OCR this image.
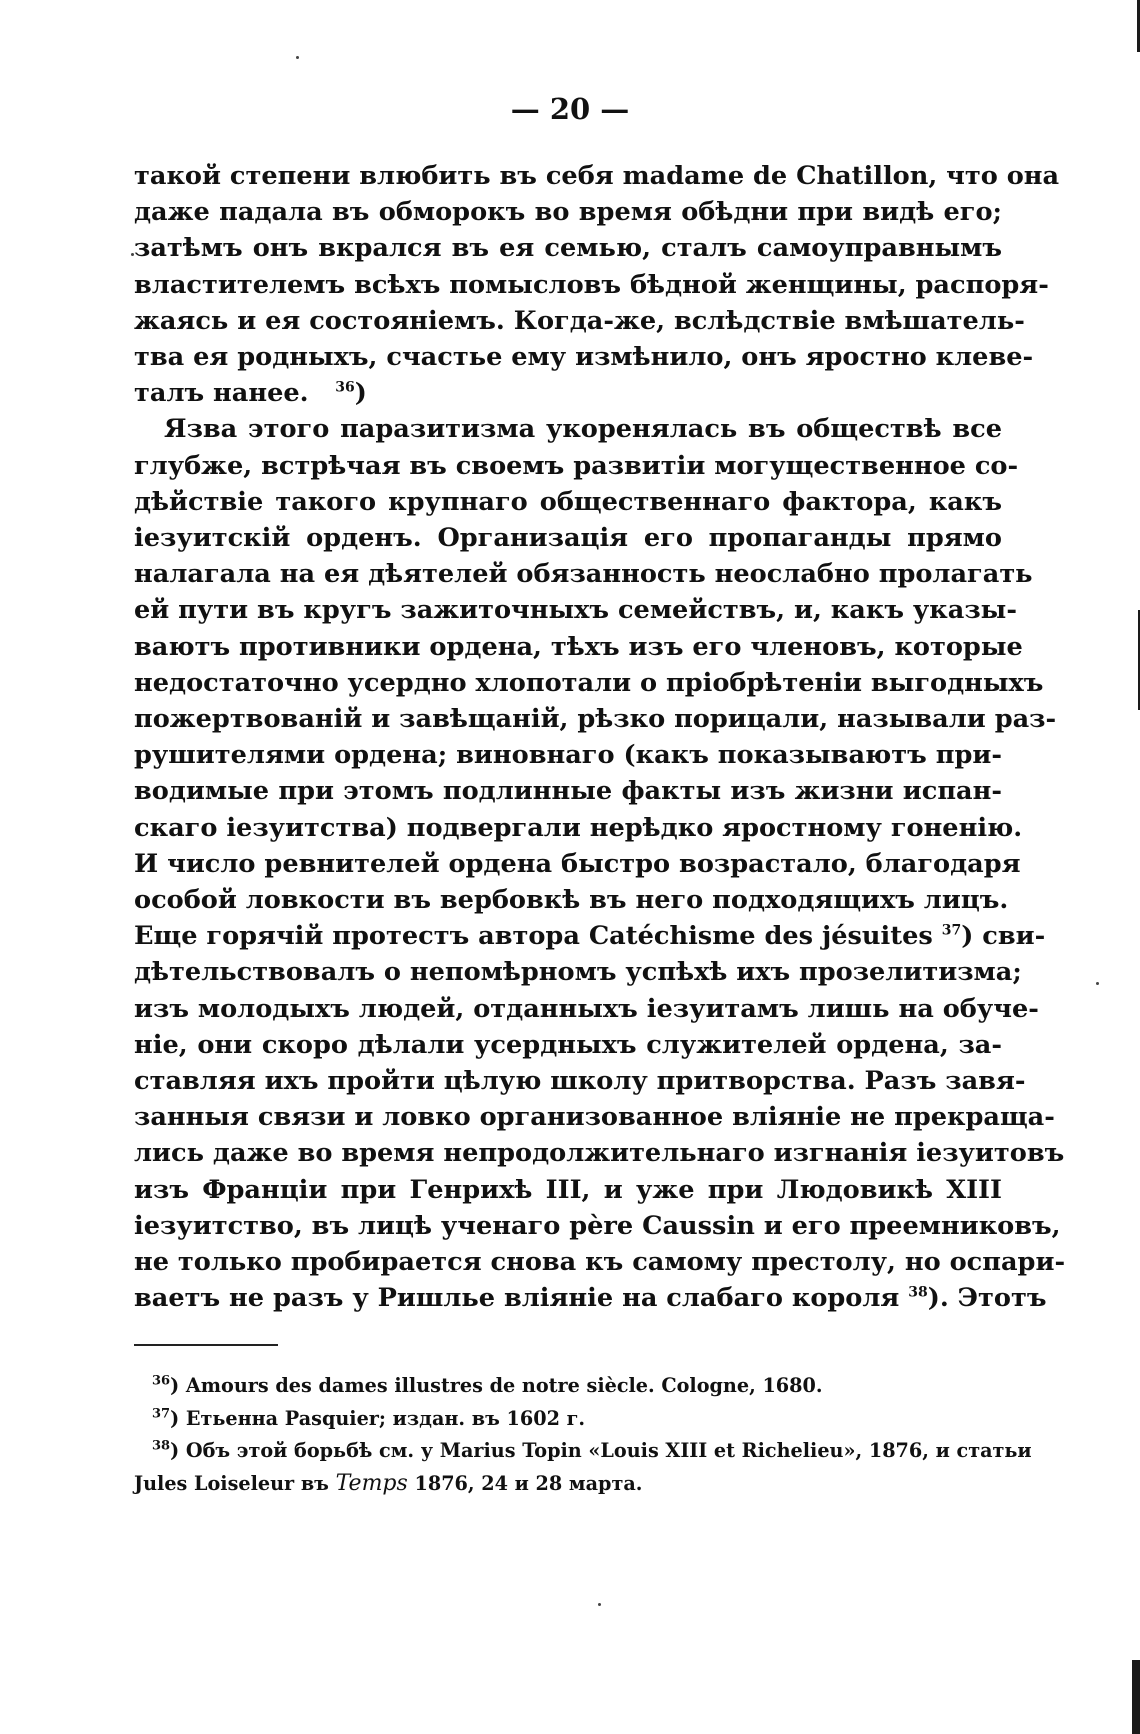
— 20 —
такой степени влюбить въ себя madame de Chatillon, что она
даже падала въ обморокъ во время обѣдни при видѣ его;
затѣмъ онъ вкрался въ ея семью, сталъ самоуправнымъ
властителемъ всѣхъ помысловъ бѣдной женщины, распоря-
жаясь и ея состояніемъ. Когда-же, вслѣдствіе вмѣшатель-
тва ея родныхъ, счастье ему измѣнило, онъ яростно клеве-
талъ нанее. $^{36}$)
Язва этого паразитизма укоренялась въ обществѣ все
глубже, встрѣчая въ своемъ развитіи могущественное со-
дѣйствіе такого крупнаго общественнаго фактора, какъ
іезуитскій орденъ. Организація его пропаганды прямо
налагала на ея дѣятелей обязанность неослабно пролагать
ей пути въ кругъ зажиточныхъ семействъ, и, какъ указы-
ваютъ противники ордена, тѣхъ изъ его членовъ, которые
недостаточно усердно хлопотали о пріобрѣтеніи выгодныхъ
пожертвованій и завѣщаній, рѣзко порицали, называли раз-
рушителями ордена; виновнаго (какъ показываютъ при-
водимые при этомъ подлинные факты изъ жизни испан-
скаго іезуитства) подвергали нерѣдко яростному гоненію.
И число ревнителей ордена быстро возрастало, благодаря
особой ловкости въ вербовкѣ въ него подходящихъ лицъ.
Еще горячій протестъ автора Catéchisme des jésuites $^{37}$) сви-
дѣтельствовалъ о непомѣрномъ успѣхѣ ихъ прозелитизма;
изъ молодыхъ людей, отданныхъ іезуитамъ лишь на обуче-
ніе, они скоро дѣлали усердныхъ служителей ордена, за-
ставляя ихъ пройти цѣлую школу притворства. Разъ завя-
занныя связи и ловко организованное вліяніе не прекраща-
лись даже во время непродолжительнаго изгнанія іезуитовъ
изъ Франціи при Генрихѣ III, и уже при Людовикѣ XIII
іезуитство, въ лицѣ ученаго père Caussin и его преемниковъ,
не только пробирается снова къ самому престолу, но оспари-
ваетъ не разъ у Ришлье вліяніе на слабаго короля $^{38}$). Этотъ
$^{36}$) Amours des dames illustres de notre siècle. Cologne, 1680.
$^{37}$) Етьенна Pasquier; издан. въ 1602 г.
$^{38}$) Объ этой борьбѣ см. у Marius Topin «Louis XIII et Richelieu», 1876, и статьи
Jules Loiseleur въ Temps 1876, 24 и 28 марта.
